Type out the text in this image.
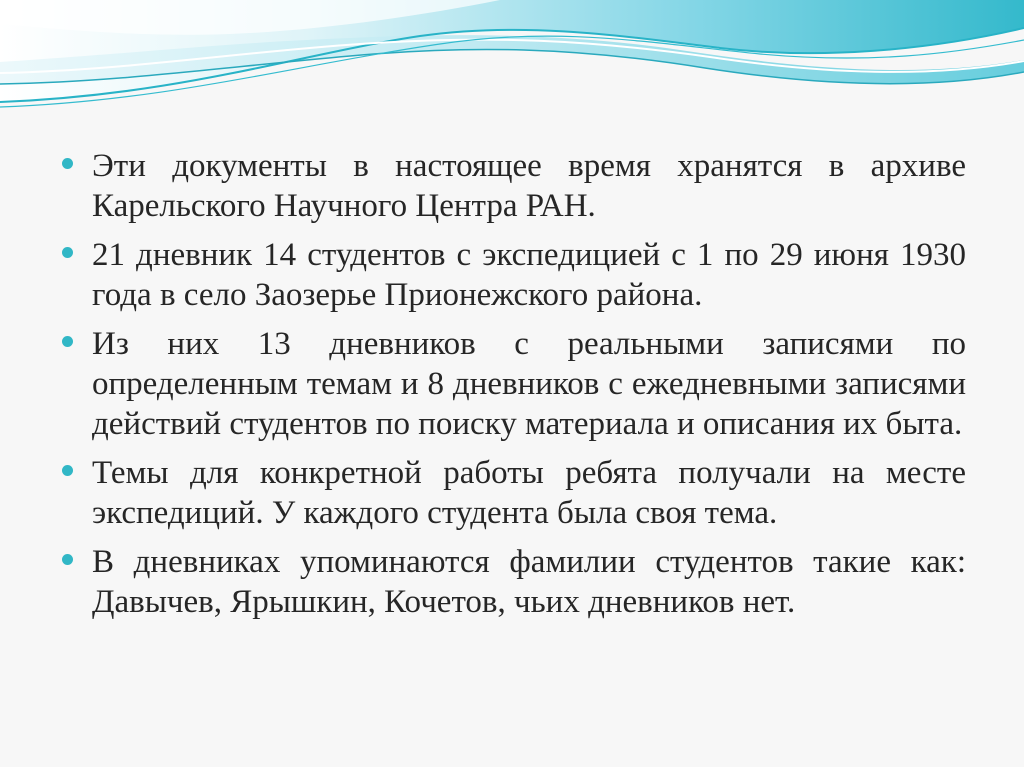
Эти документы в настоящее время хранятся в архиве Карельского Научного Центра РАН.
21 дневник 14 студентов с экспедицией с 1 по 29 июня 1930 года в село Заозерье Прионежского района.
Из них 13 дневников с реальными записями по определенным темам и 8 дневников с ежедневными записями действий студентов по поиску материала и описания их быта.
Темы для конкретной работы ребята получали на месте экспедиций. У каждого студента была своя тема.
В дневниках упоминаются фамилии студентов такие как: Давычев, Ярышкин, Кочетов, чьих дневников нет.
